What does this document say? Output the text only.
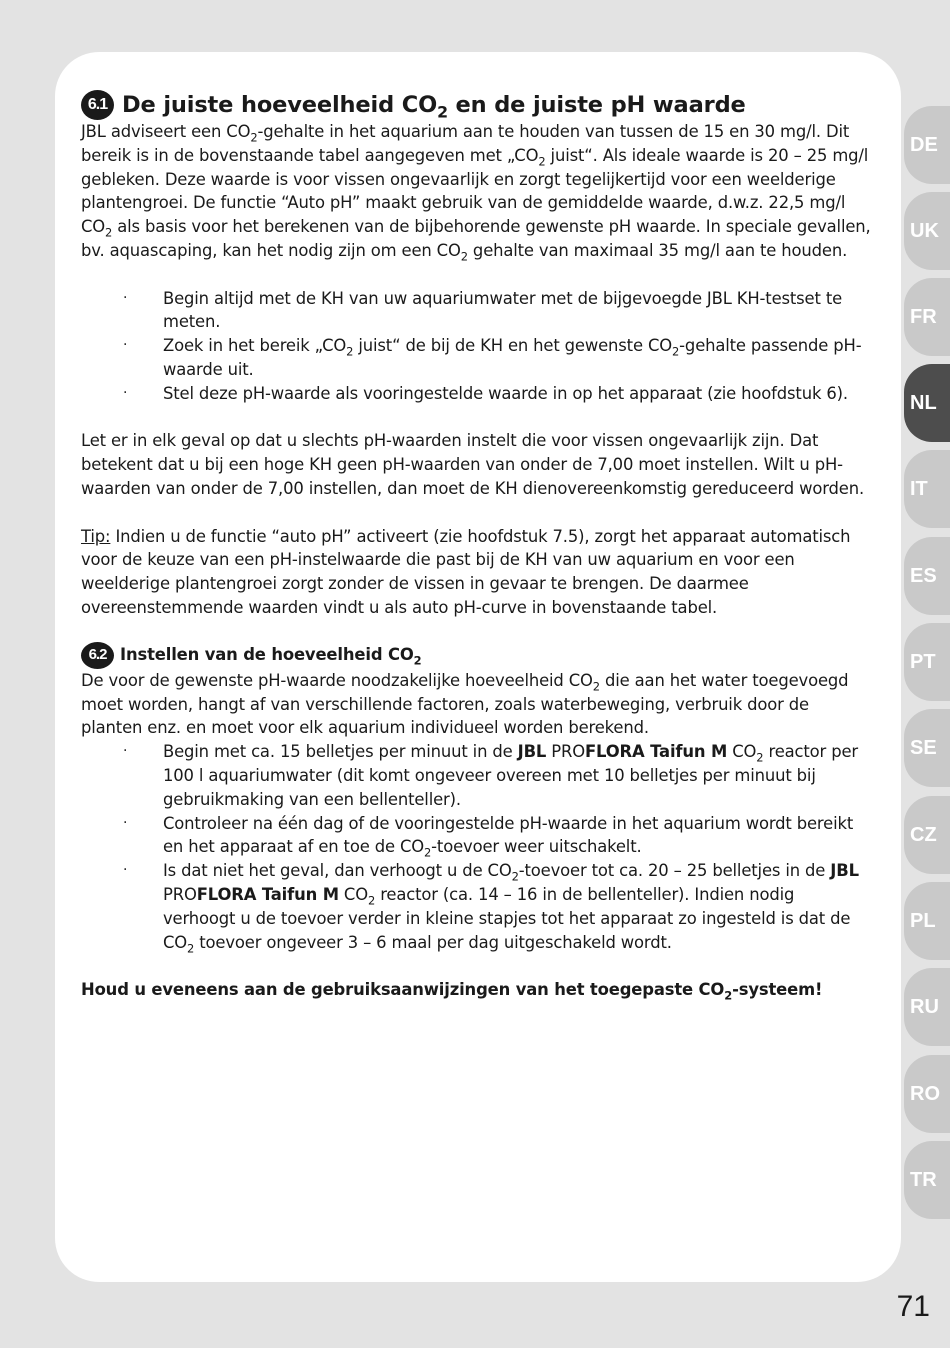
6.1 De juiste hoeveelheid $CO_2$ en de juiste pH waarde

JBL adviseert een $CO_2$-gehalte in het aquarium aan te houden van tussen de 15 en 30 mg/l. Dit bereik is in de bovenstaande tabel aangegeven met $„CO_2$ juist“. Als ideale waarde is 20 – 25 mg/l gebleken. Deze waarde is voor vissen ongevaarlijk en zorgt tegelijkertijd voor een weelderige plantengroei. De functie “Auto pH” maakt gebruik van de gemiddelde waarde, d.w.z. 22,5 mg/l $CO_2$ als basis voor het berekenen van de bijbehorende gewenste pH waarde. In speciale gevallen, bv. aquascaping, kan het nodig zijn om een $CO_2$ gehalte van maximaal 35 mg/l aan te houden.

· Begin altijd met de KH van uw aquariumwater met de bijgevoegde JBL KH-testset te meten.
· Zoek in het bereik $„CO_2$ juist“ de bij de KH en het gewenste $CO_2$-gehalte passende pH-waarde uit.
· Stel deze pH-waarde als vooringestelde waarde in op het apparaat (zie hoofdstuk 6).

Let er in elk geval op dat u slechts pH-waarden instelt die voor vissen ongevaarlijk zijn. Dat betekent dat u bij een hoge KH geen pH-waarden van onder de 7,00 moet instellen. Wilt u pH-waarden van onder de 7,00 instellen, dan moet de KH dienovereenkomstig gereduceerd worden.

Tip: Indien u de functie “auto pH” activeert (zie hoofdstuk 7.5), zorgt het apparaat automatisch voor de keuze van een pH-instelwaarde die past bij de KH van uw aquarium en voor een weelderige plantengroei zorgt zonder de vissen in gevaar te brengen. De daarmee overeenstemmende waarden vindt u als auto pH-curve in bovenstaande tabel.

6.2 Instellen van de hoeveelheid $CO_2$

De voor de gewenste pH-waarde noodzakelijke hoeveelheid $CO_2$ die aan het water toegevoegd moet worden, hangt af van verschillende factoren, zoals waterbeweging, verbruik door de planten enz. en moet voor elk aquarium individueel worden berekend.

· Begin met ca. 15 belletjes per minuut in de JBL PROFLORA Taifun M $CO_2$ reactor per 100 l aquariumwater (dit komt ongeveer overeen met 10 belletjes per minuut bij gebruikmaking van een bellenteller).
· Controleer na één dag of de vooringestelde pH-waarde in het aquarium wordt bereikt en het apparaat af en toe de $CO_2$-toevoer weer uitschakelt.
· Is dat niet het geval, dan verhoogt u de $CO_2$-toevoer tot ca. 20 – 25 belletjes in de JBL PROFLORA Taifun M $CO_2$ reactor (ca. 14 – 16 in de bellenteller). Indien nodig verhoogt u de toevoer verder in kleine stapjes tot het apparaat zo ingesteld is dat de $CO_2$ toevoer ongeveer 3 – 6 maal per dag uitgeschakeld wordt.

Houd u eveneens aan de gebruiksaanwijzingen van het toegepaste $CO_2$-systeem!

DE
UK
FR
NL
IT
ES
PT
SE
CZ
PL
RU
RO
TR
71
